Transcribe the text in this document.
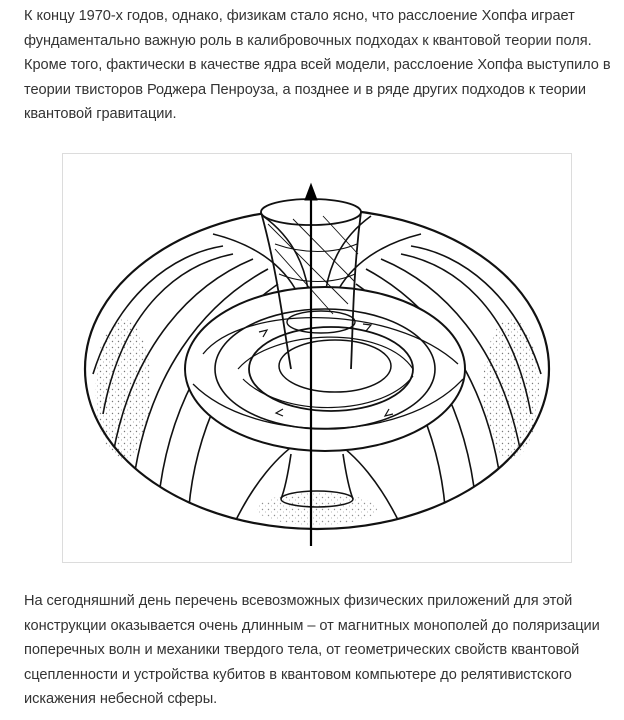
К концу 1970-х годов, однако, физикам стало ясно, что расслоение Хопфа играет фундаментально важную роль в калибровочных подходах к квантовой теории поля. Кроме того, фактически в качестве ядра всей модели, расслоение Хопфа выступило в теории твисторов Роджера Пенроуза, а позднее и в ряде других подходов к теории квантовой гравитации.

На сегодняшний день перечень всевозможных физических приложений для этой конструкции оказывается очень длинным – от магнитных монополей до поляризации поперечных волн и механики твердого тела, от геометрических свойств квантовой сцепленности и устройства кубитов в квантовом компьютере до релятивистского искажения небесной сферы.
